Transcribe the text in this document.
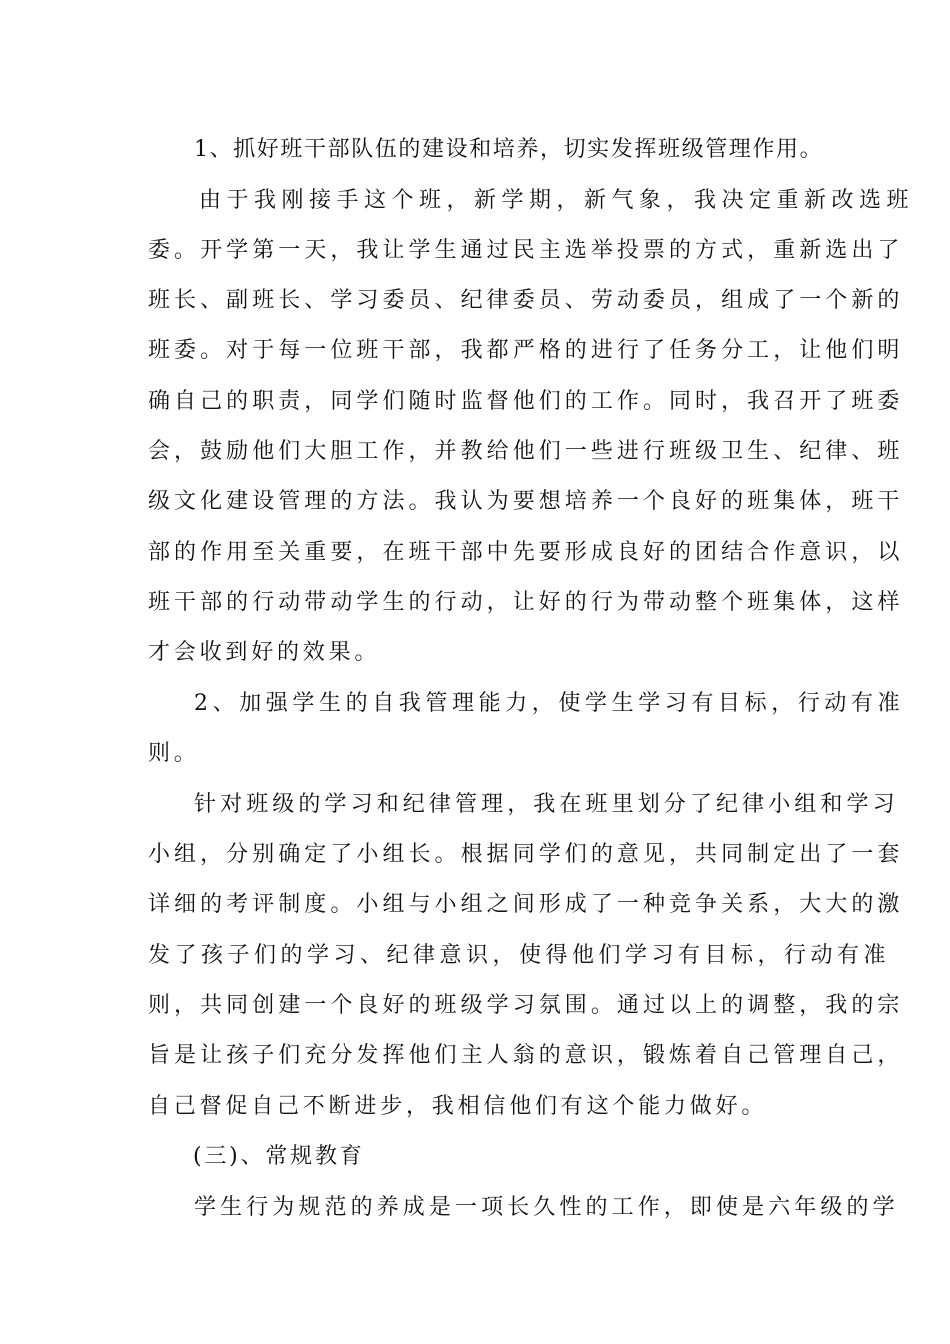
1、抓好班干部队伍的建设和培养，切实发挥班级管理作用。
由于我刚接手这个班，新学期，新气象，我决定重新改选班
委。开学第一天，我让学生通过民主选举投票的方式，重新选出了
班长、副班长、学习委员、纪律委员、劳动委员，组成了一个新的
班委。对于每一位班干部，我都严格的进行了任务分工，让他们明
确自己的职责，同学们随时监督他们的工作。同时，我召开了班委
会，鼓励他们大胆工作，并教给他们一些进行班级卫生、纪律、班
级文化建设管理的方法。我认为要想培养一个良好的班集体，班干
部的作用至关重要，在班干部中先要形成良好的团结合作意识，以
班干部的行动带动学生的行动，让好的行为带动整个班集体，这样
才会收到好的效果。
2、加强学生的自我管理能力，使学生学习有目标，行动有准
则。
针对班级的学习和纪律管理，我在班里划分了纪律小组和学习
小组，分别确定了小组长。根据同学们的意见，共同制定出了一套
详细的考评制度。小组与小组之间形成了一种竞争关系，大大的激
发了孩子们的学习、纪律意识，使得他们学习有目标，行动有准
则，共同创建一个良好的班级学习氛围。通过以上的调整，我的宗
旨是让孩子们充分发挥他们主人翁的意识，锻炼着自己管理自己，
自己督促自己不断进步，我相信他们有这个能力做好。
(三)、常规教育
学生行为规范的养成是一项长久性的工作，即使是六年级的学
